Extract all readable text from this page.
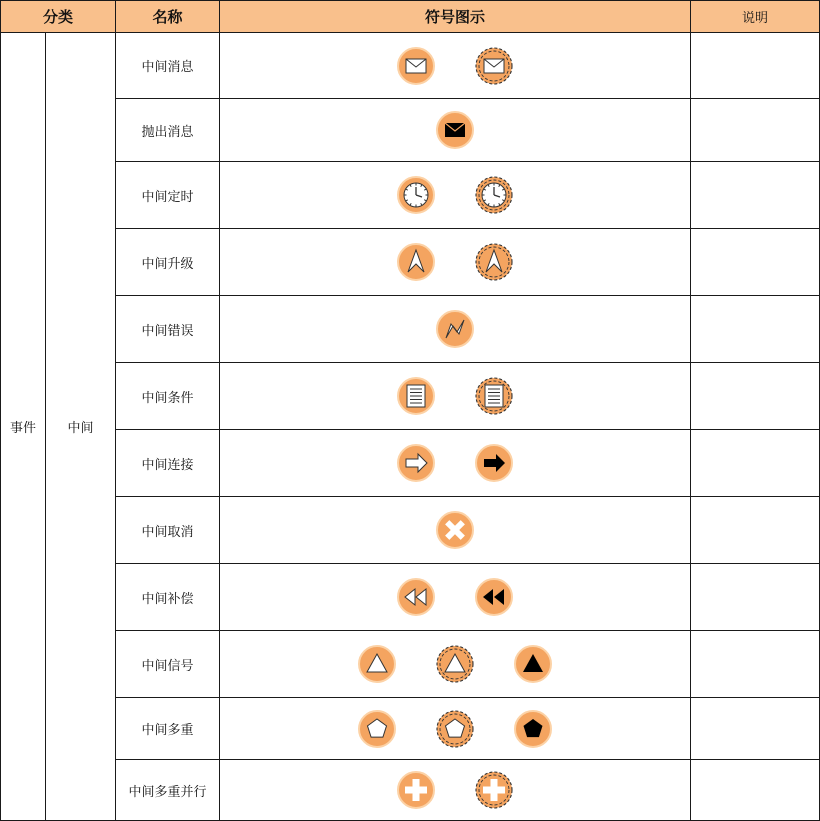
分类		名称	符号图示	说明
事件	中间	中间消息	

		抛出消息	

		中间定时	

		中间升级	

		中间错误	

		中间条件	

		中间连接	

		中间取消	

		中间补偿	

		中间信号	

		中间多重	

		中间多重并行	
